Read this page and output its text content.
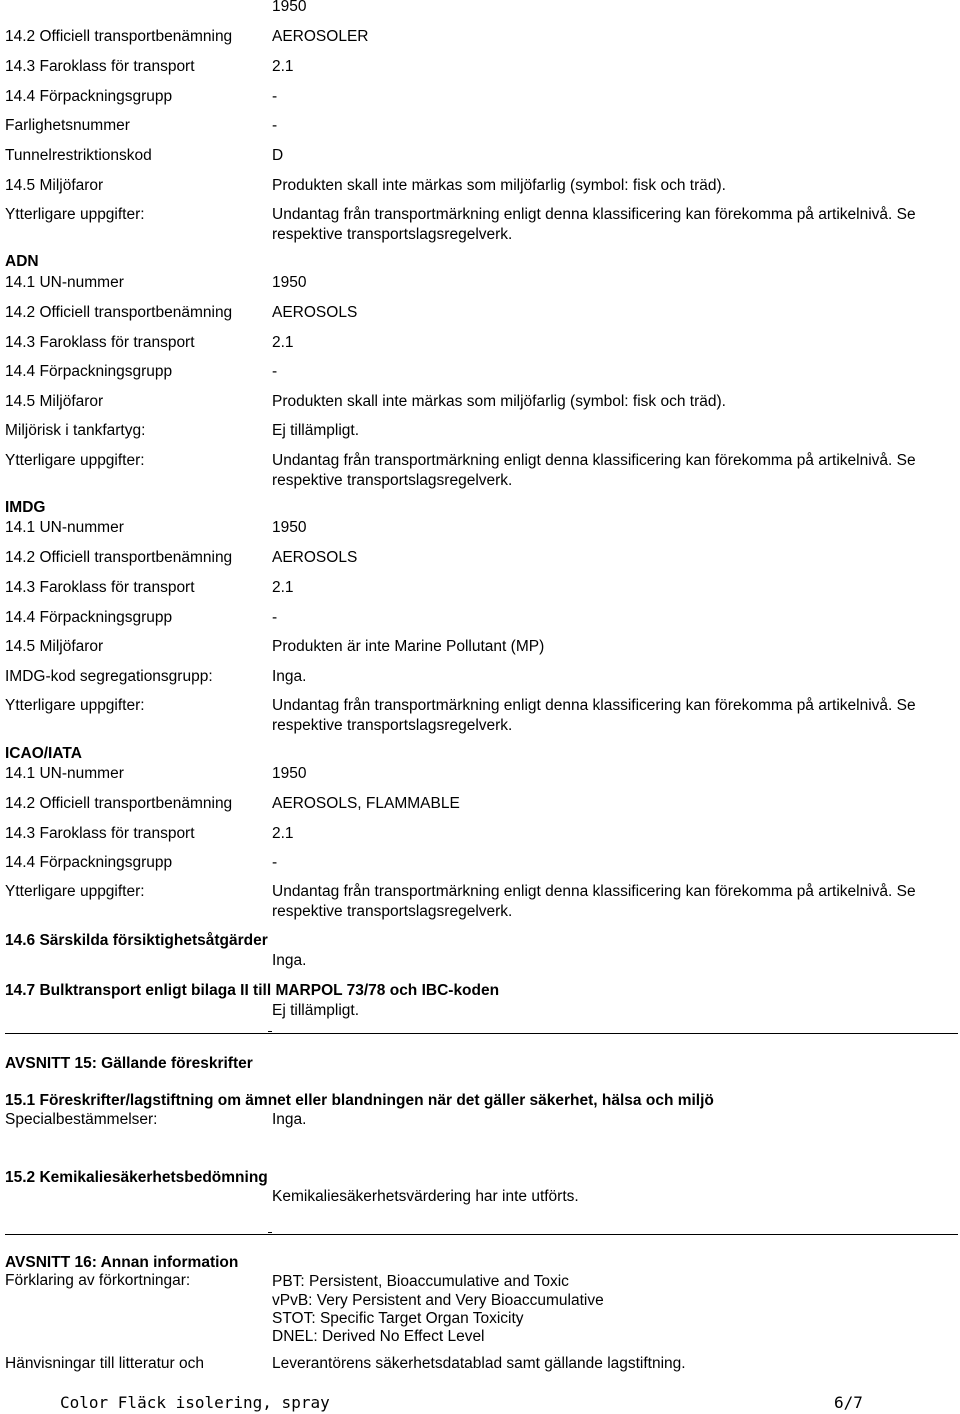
1950
14.2 Officiell transportbenämning	AEROSOLER
14.3 Faroklass för transport	2.1
14.4 Förpackningsgrupp	-
Farlighetsnummer	-
Tunnelrestriktionskod	D
14.5 Miljöfaror	Produkten skall inte märkas som miljöfarlig (symbol: fisk och träd).
Ytterligare uppgifter:	Undantag från transportmärkning enligt denna klassificering kan förekomma på artikelnivå. Se
respektive transportslagsregelverk.
ADN
14.1 UN-nummer	1950
14.2 Officiell transportbenämning	AEROSOLS
14.3 Faroklass för transport	2.1
14.4 Förpackningsgrupp	-
14.5 Miljöfaror	Produkten skall inte märkas som miljöfarlig (symbol: fisk och träd).
Miljörisk i tankfartyg:	Ej tillämpligt.
Ytterligare uppgifter:	Undantag från transportmärkning enligt denna klassificering kan förekomma på artikelnivå. Se
respektive transportslagsregelverk.
IMDG
14.1 UN-nummer	1950
14.2 Officiell transportbenämning	AEROSOLS
14.3 Faroklass för transport	2.1
14.4 Förpackningsgrupp	-
14.5 Miljöfaror	Produkten är inte Marine Pollutant (MP)
IMDG-kod segregationsgrupp:	Inga.
Ytterligare uppgifter:	Undantag från transportmärkning enligt denna klassificering kan förekomma på artikelnivå. Se
respektive transportslagsregelverk.
ICAO/IATA
14.1 UN-nummer	1950
14.2 Officiell transportbenämning	AEROSOLS, FLAMMABLE
14.3 Faroklass för transport	2.1
14.4 Förpackningsgrupp	-
Ytterligare uppgifter:	Undantag från transportmärkning enligt denna klassificering kan förekomma på artikelnivå. Se
respektive transportslagsregelverk.
14.6 Särskilda försiktighetsåtgärder
Inga.
14.7 Bulktransport enligt bilaga II till MARPOL 73/78 och IBC-koden
Ej tillämpligt.
AVSNITT 15: Gällande föreskrifter
15.1 Föreskrifter/lagstiftning om ämnet eller blandningen när det gäller säkerhet, hälsa och miljö
Specialbestämmelser:	Inga.
15.2 Kemikaliesäkerhetsbedömning
Kemikaliesäkerhetsvärdering har inte utförts.
AVSNITT 16: Annan information
Förklaring av förkortningar:	PBT: Persistent, Bioaccumulative and Toxic
vPvB: Very Persistent and Very Bioaccumulative
STOT: Specific Target Organ Toxicity
DNEL: Derived No Effect Level
Hänvisningar till litteratur och	Leverantörens säkerhetsdatablad samt gällande lagstiftning.
Color Fläck isolering, spray	6/7
